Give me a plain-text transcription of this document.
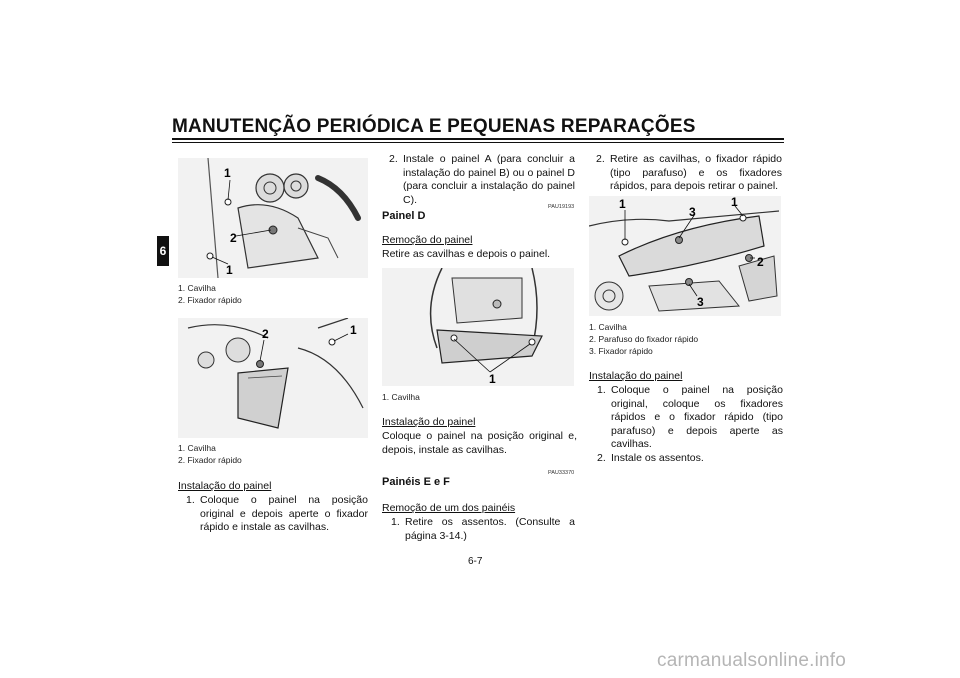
MANUTENÇÃO PERIÓDICA E PEQUENAS REPARAÇÕES
6
1
2
1
1. Cavilha
2. Fixador rápido
2	1
1. Cavilha
2. Fixador rápido
Instalação do painel
1. Coloque o painel na posição original e depois aperte o fixador rápido e instale as cavilhas.
2. Instale o painel A (para concluir a instalação do painel B) ou o painel D (para concluir a instalação do painel C).
PAU19193
Painel D
Remoção do painel
Retire as cavilhas e depois o painel.
1
1. Cavilha
Instalação do painel
Coloque o painel na posição original e, depois, instale as cavilhas.
PAU33370
Painéis E e F
Remoção de um dos painéis
1. Retire os assentos. (Consulte a página 3-14.)
2. Retire as cavilhas, o fixador rápido (tipo parafuso) e os fixadores rápidos, para depois retirar o painel.
1
3
1
2
3
1. Cavilha
2. Parafuso do fixador rápido
3. Fixador rápido
Instalação do painel
1. Coloque o painel na posição original, coloque os fixadores rápidos e o fixador rápido (tipo parafuso) e depois aperte as cavilhas.
2. Instale os assentos.
6-7
carmanualsonline.info
